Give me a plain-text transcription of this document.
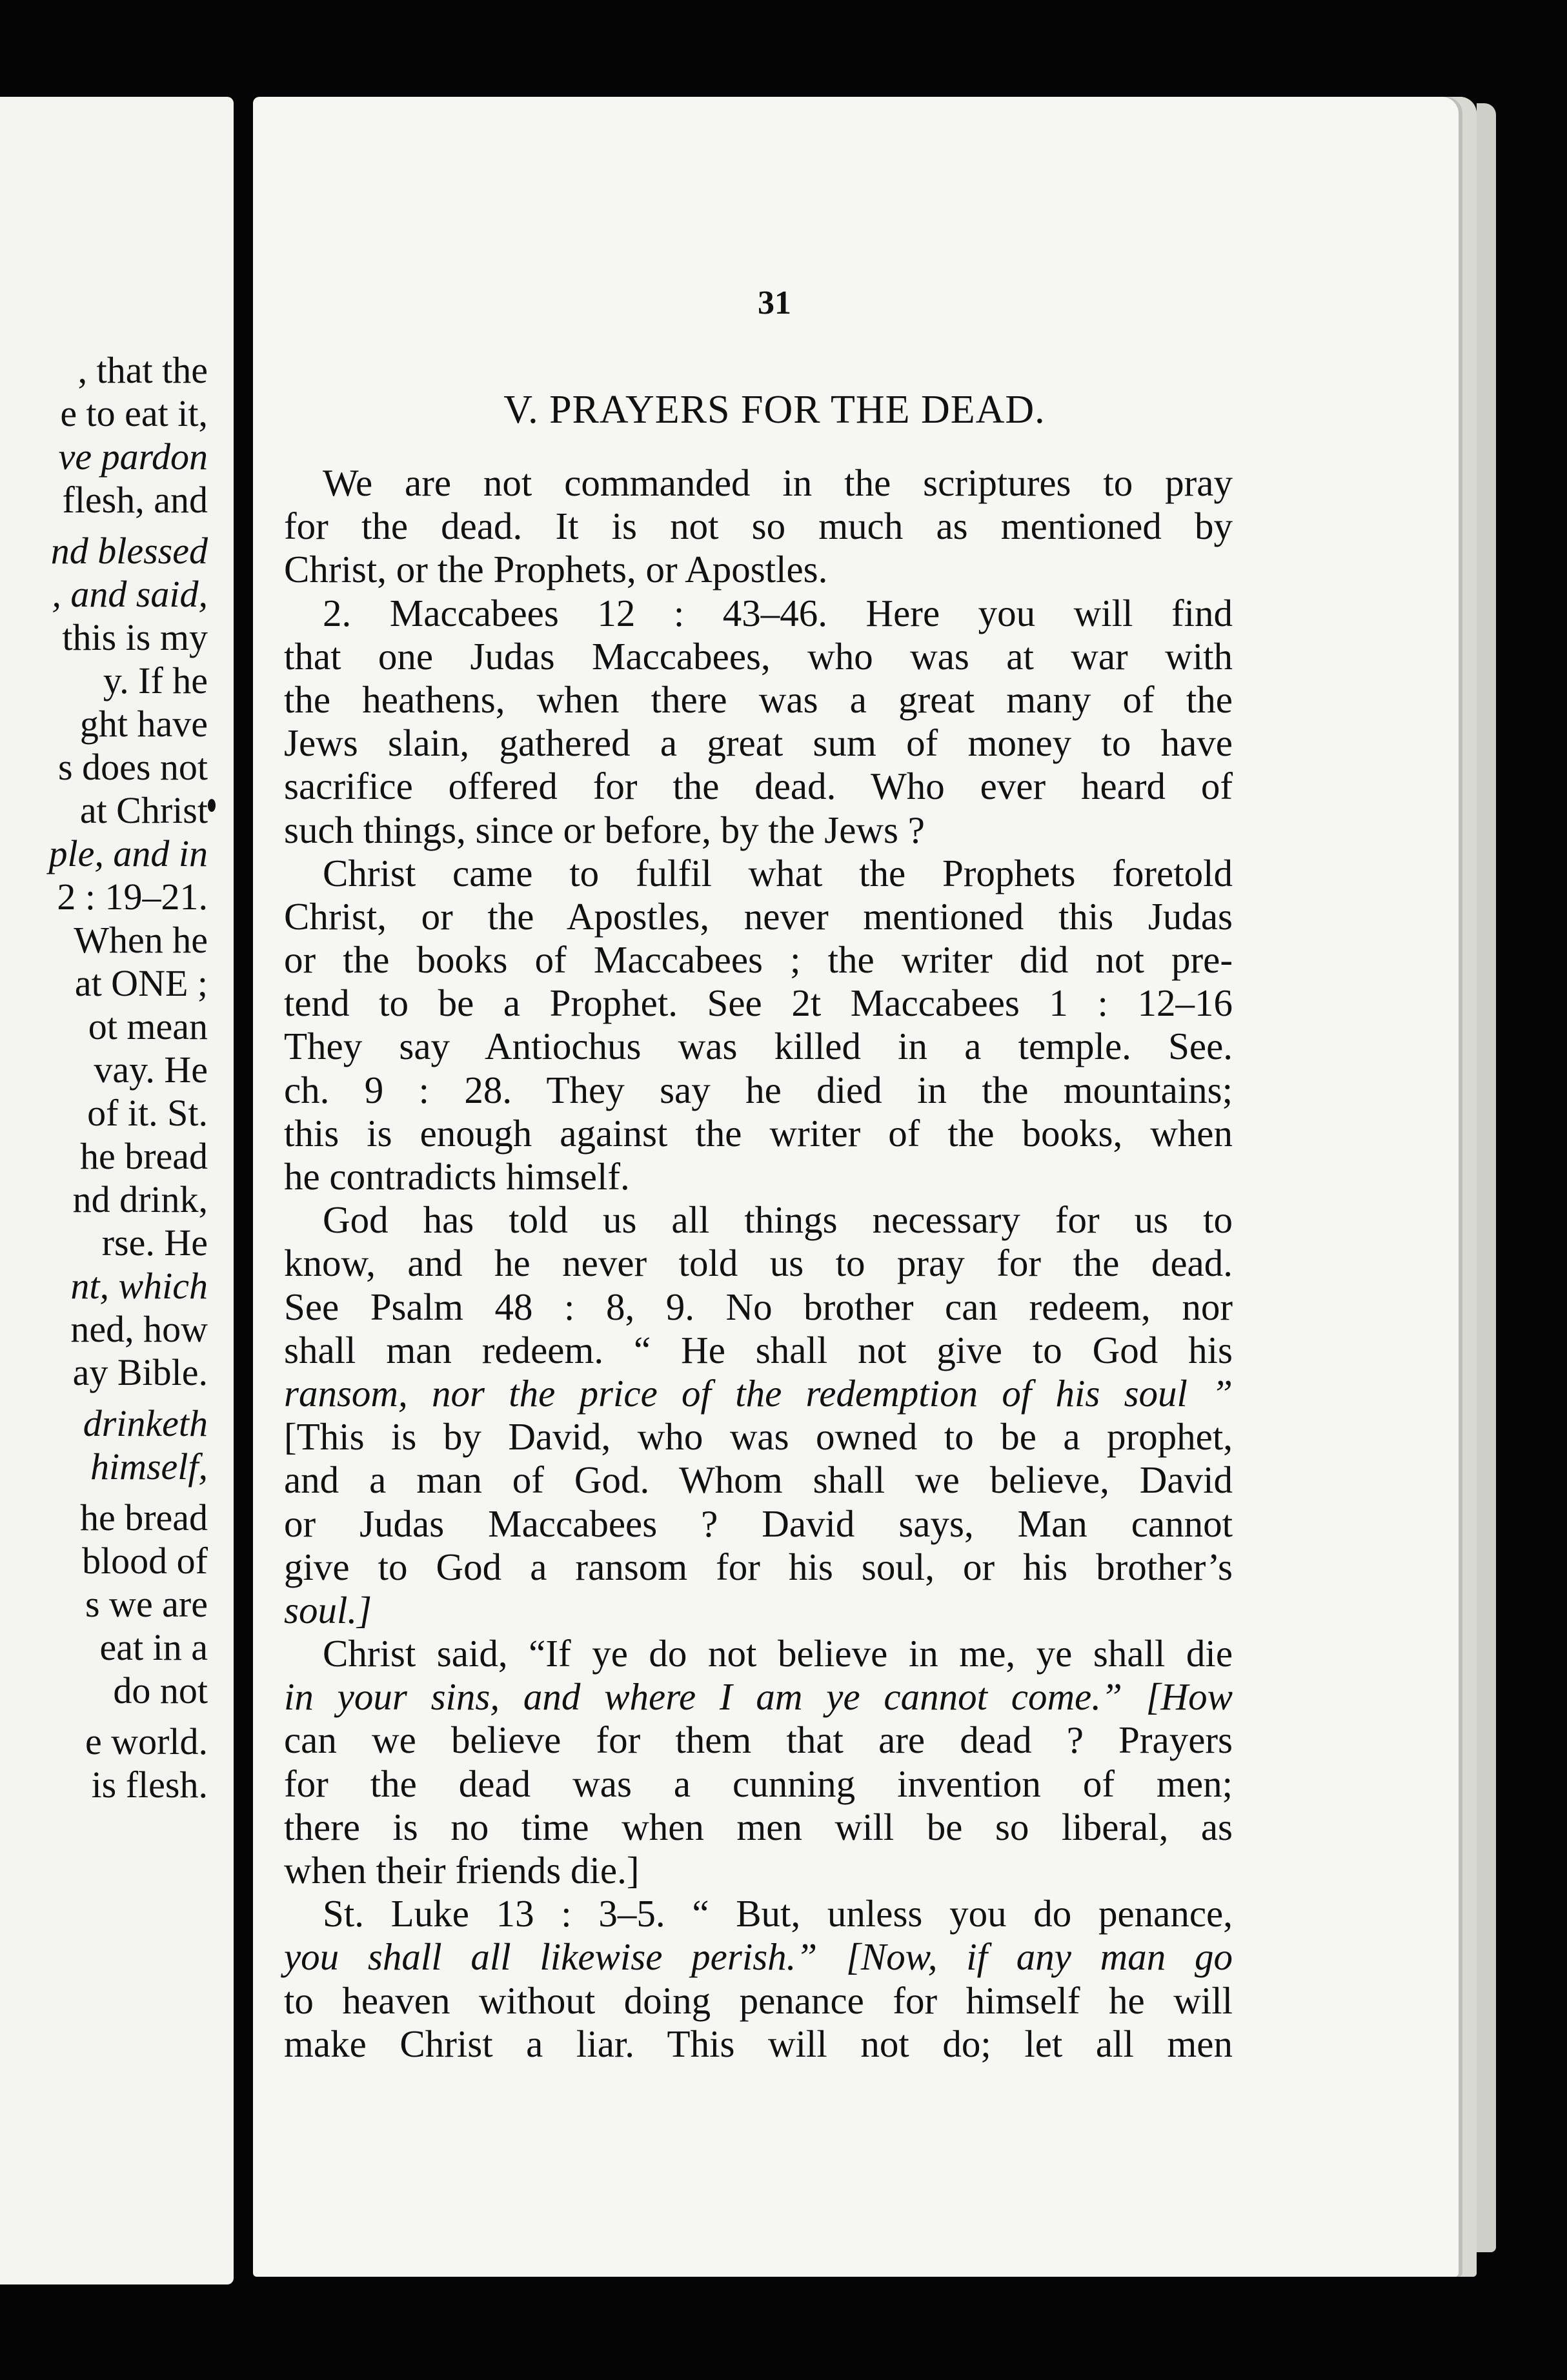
, that the
e to eat it,
ve pardon
flesh, and
nd blessed
, and said,
this is my
y. If he
ght have
s does not
at Christ
ple, and in
2 : 19–21.
When he
at ONE ;
ot mean
vay. He
of it. St.
he bread
nd drink,
rse. He
nt, which
ned, how
ay Bible.
drinketh
himself,
he bread
blood of
s we are
eat in a
do not
e world.
is flesh.
31
V. PRAYERS FOR THE DEAD.
We are not commanded in the scriptures to pray
for the dead. It is not so much as mentioned by
Christ, or the Prophets, or Apostles.
2. Maccabees 12 : 43–46. Here you will find
that one Judas Maccabees, who was at war with
the heathens, when there was a great many of the
Jews slain, gathered a great sum of money to have
sacrifice offered for the dead. Who ever heard of
such things, since or before, by the Jews ?
Christ came to fulfil what the Prophets foretold
Christ, or the Apostles, never mentioned this Judas
or the books of Maccabees ; the writer did not pre-
tend to be a Prophet. See 2t Maccabees 1 : 12–16
They say Antiochus was killed in a temple. See.
ch. 9 : 28. They say he died in the mountains;
this is enough against the writer of the books, when
he contradicts himself.
God has told us all things necessary for us to
know, and he never told us to pray for the dead.
See Psalm 48 : 8, 9. No brother can redeem, nor
shall man redeem. “ He shall not give to God his
ransom, nor the price of the redemption of his soul ”
[This is by David, who was owned to be a prophet,
and a man of God. Whom shall we believe, David
or Judas Maccabees ? David says, Man cannot
give to God a ransom for his soul, or his brother’s
soul.]
Christ said, “If ye do not believe in me, ye shall die
in your sins, and where I am ye cannot come.” [How
can we believe for them that are dead ? Prayers
for the dead was a cunning invention of men;
there is no time when men will be so liberal, as
when their friends die.]
St. Luke 13 : 3–5. “ But, unless you do penance,
you shall all likewise perish.” [Now, if any man go
to heaven without doing penance for himself he will
make Christ a liar. This will not do; let all men
